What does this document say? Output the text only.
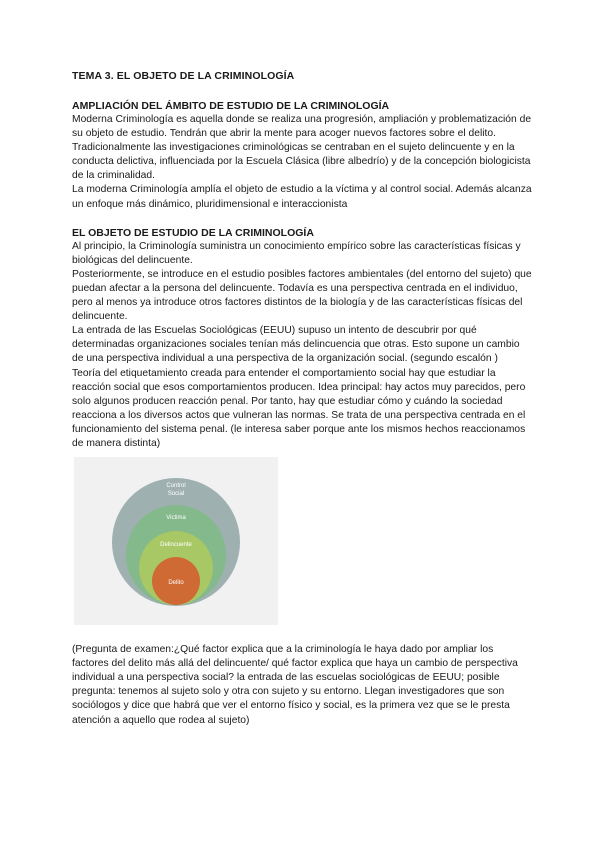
TEMA 3. EL OBJETO DE LA CRIMINOLOGÍA
AMPLIACIÓN DEL ÁMBITO DE ESTUDIO DE LA CRIMINOLOGÍA

Moderna Criminología es aquella donde se realiza una progresión, ampliación y problematización de su objeto de estudio. Tendrán que abrir la mente para acoger nuevos factores sobre el delito.

Tradicionalmente las investigaciones criminológicas se centraban en el sujeto delincuente y en la conducta delictiva, influenciada por la Escuela Clásica (libre albedrío) y de la concepción biologicista de la criminalidad.

La moderna Criminología amplía el objeto de estudio a la víctima y al control social. Además alcanza un enfoque más dinámico, pluridimensional e interaccionista

EL OBJETO DE ESTUDIO DE LA CRIMINOLOGÍA

Al principio, la Criminología suministra un conocimiento empírico sobre las características físicas y biológicas del delincuente.

Posteriormente, se introduce en el estudio posibles factores ambientales (del entorno del sujeto) que puedan afectar a la persona del delincuente. Todavía es una perspectiva centrada en el individuo, pero al menos ya introduce otros factores distintos de la biología y de las características físicas del delincuente.

La entrada de las Escuelas Sociológicas (EEUU) supuso un intento de descubrir por qué determinadas organizaciones sociales tenían más delincuencia que otras. Esto supone un cambio de una perspectiva individual a una perspectiva de la organización social. (segundo escalón )

Teoría del etiquetamiento creada para entender el comportamiento social hay que estudiar la reacción social que esos comportamientos producen. Idea principal: hay actos muy parecidos, pero solo algunos producen reacción penal. Por tanto, hay que estudiar cómo y cuándo la sociedad reacciona a los diversos actos que vulneran las normas. Se trata de una perspectiva centrada en el funcionamiento del sistema penal. (le interesa saber porque ante los mismos hechos reaccionamos de manera distinta)

Control Social
Victima
Delincuente
Delito

(Pregunta de examen:¿Qué factor explica que a la criminología le haya dado por ampliar los factores del delito más allá del delincuente/ qué factor explica que haya un cambio de perspectiva individual a una perspectiva social? la entrada de las escuelas sociológicas de EEUU; posible pregunta: tenemos al sujeto solo y otra con sujeto y su entorno. Llegan investigadores que son sociólogos y dice que habrá que ver el entorno físico y social, es la primera vez que se le presta atención a aquello que rodea al sujeto)
